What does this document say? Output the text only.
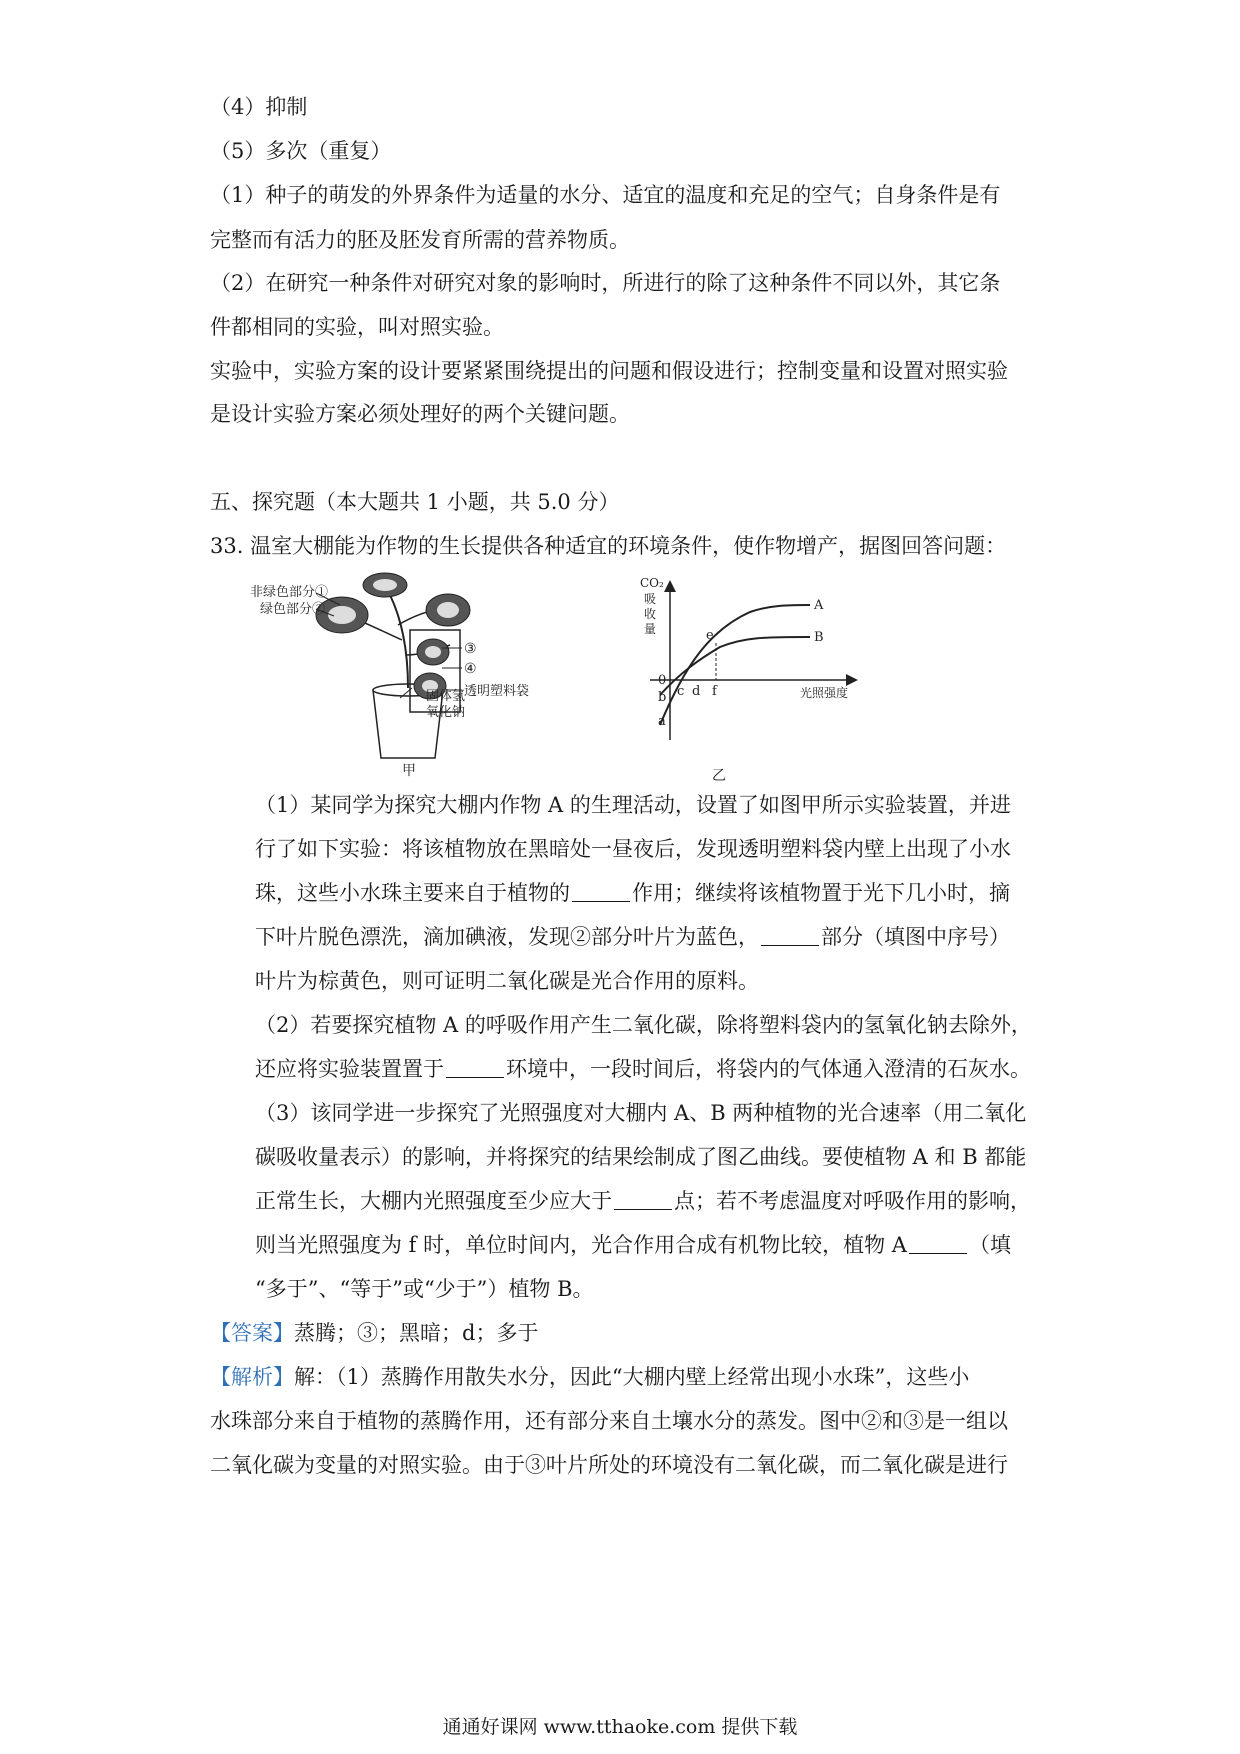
（4）抑制
（5）多次（重复）
（1）种子的萌发的外界条件为适量的水分、适宜的温度和充足的空气；自身条件是有
完整而有活力的胚及胚发育所需的营养物质。
（2）在研究一种条件对研究对象的影响时，所进行的除了这种条件不同以外，其它条
件都相同的实验，叫对照实验。
实验中，实验方案的设计要紧紧围绕提出的问题和假设进行；控制变量和设置对照实验
是设计实验方案必须处理好的两个关键问题。
五、探究题（本大题共 1 小题，共 5.0 分）
33. 温室大棚能为作物的生长提供各种适宜的环境条件，使作物增产，据图回答问题：
非绿色部分①
绿色部分②
③
④
透明塑料袋
固体氢
氧化钠
甲
CO₂
吸
收
量
A
B
e
0
b
a
c d f	光照强度
乙
（1）某同学为探究大棚内作物 A 的生理活动，设置了如图甲所示实验装置，并进
行了如下实验：将该植物放在黑暗处一昼夜后，发现透明塑料袋内壁上出现了小水
珠，这些小水珠主要来自于植物的	作用；继续将该植物置于光下几小时，摘
下叶片脱色漂洗，滴加碘液，发现②部分叶片为蓝色，	部分（填图中序号）
叶片为棕黄色，则可证明二氧化碳是光合作用的原料。
（2）若要探究植物 A 的呼吸作用产生二氧化碳，除将塑料袋内的氢氧化钠去除外，
还应将实验装置置于	环境中，一段时间后，将袋内的气体通入澄清的石灰水。
（3）该同学进一步探究了光照强度对大棚内 A、B 两种植物的光合速率（用二氧化
碳吸收量表示）的影响，并将探究的结果绘制成了图乙曲线。要使植物 A 和 B 都能
正常生长，大棚内光照强度至少应大于	点；若不考虑温度对呼吸作用的影响，
则当光照强度为 f 时，单位时间内，光合作用合成有机物比较，植物 A	（填
“多于”、“等于”或“少于”）植物 B。
【答案】蒸腾；③；黑暗；d；多于
【解析】解：（1）蒸腾作用散失水分，因此“大棚内壁上经常出现小水珠”，这些小
水珠部分来自于植物的蒸腾作用，还有部分来自土壤水分的蒸发。图中②和③是一组以
二氧化碳为变量的对照实验。由于③叶片所处的环境没有二氧化碳，而二氧化碳是进行
通通好课网 www.tthaoke.com 提供下载
